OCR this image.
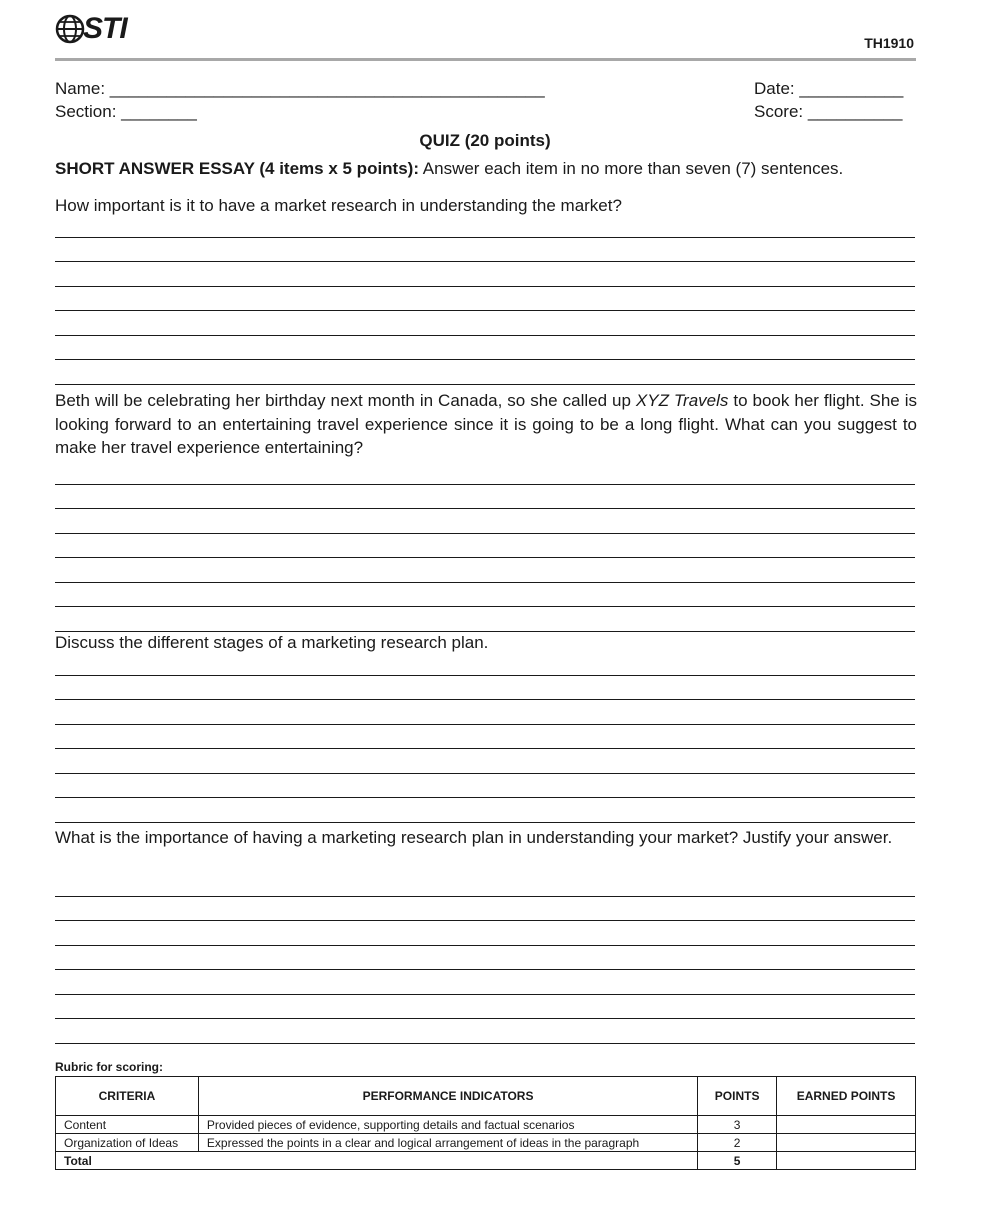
STI	TH1910
Name: ______________________________________________	Date: ___________
Section: ________	Score: __________
QUIZ (20 points)
SHORT ANSWER ESSAY (4 items x 5 points): Answer each item in no more than seven (7) sentences.
How important is it to have a market research in understanding the market?
Beth will be celebrating her birthday next month in Canada, so she called up XYZ Travels to book her flight. She is looking forward to an entertaining travel experience since it is going to be a long flight. What can you suggest to make her travel experience entertaining?
Discuss the different stages of a marketing research plan.
What is the importance of having a marketing research plan in understanding your market? Justify your answer.
Rubric for scoring:
CRITERIA	PERFORMANCE INDICATORS	POINTS	EARNED POINTS
Content	Provided pieces of evidence, supporting details and factual scenarios	3	
Organization of Ideas	Expressed the points in a clear and logical arrangement of ideas in the paragraph	2	
Total		5	
